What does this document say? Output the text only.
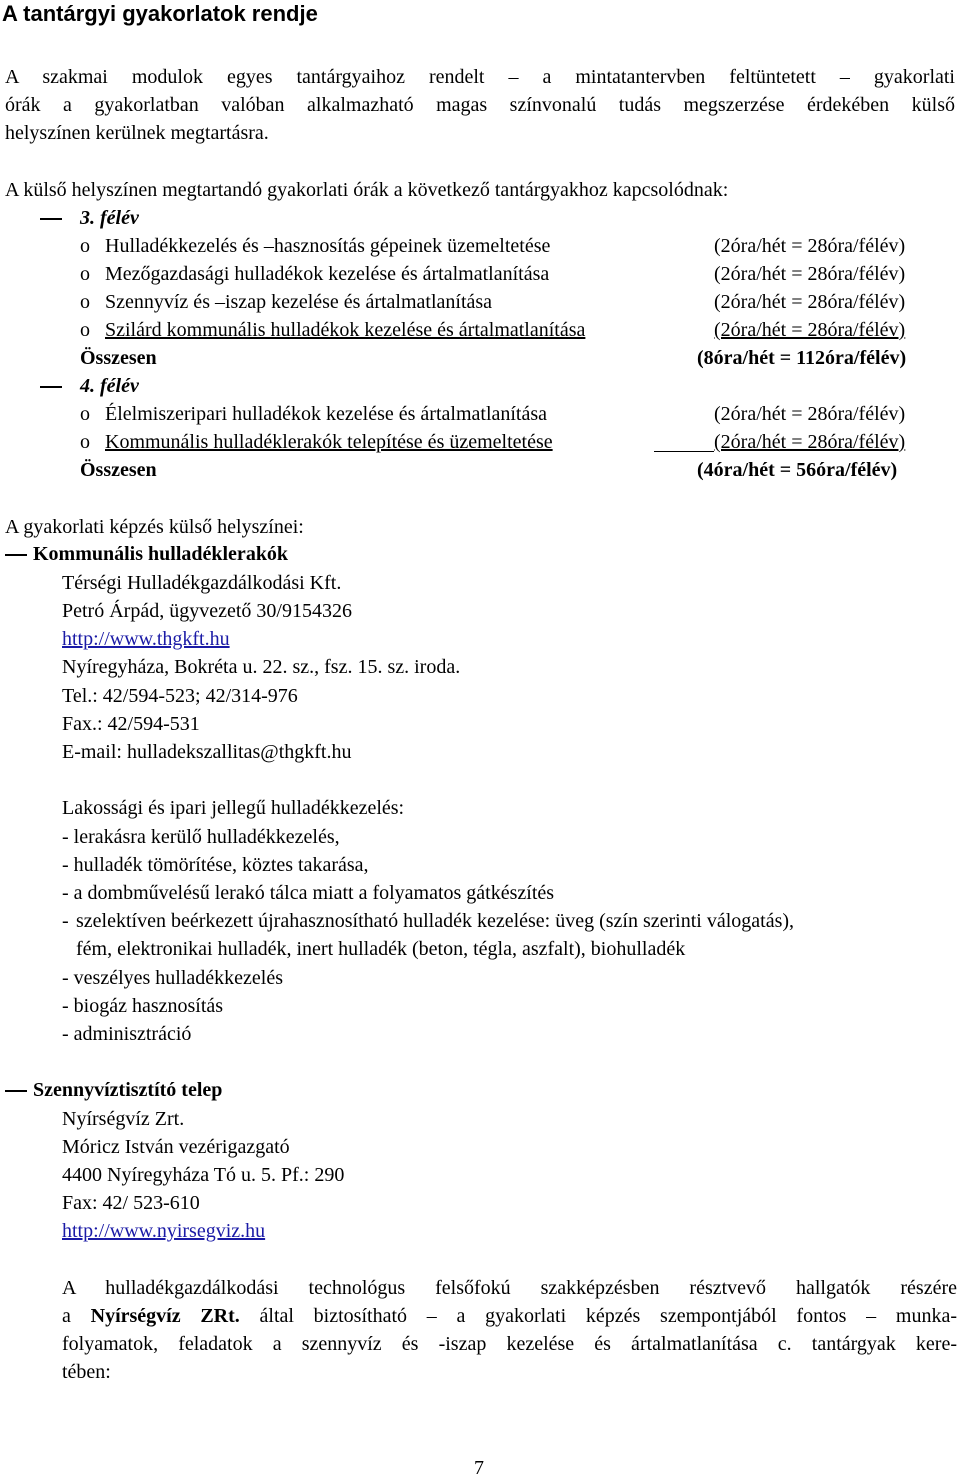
A tantárgyi gyakorlatok rendje
A szakmai modulok egyes tantárgyaihoz rendelt – a mintatantervben feltüntetett – gyakorlati
órák a gyakorlatban valóban alkalmazható magas színvonalú tudás megszerzése érdekében külső
helyszínen kerülnek megtartásra.
A külső helyszínen megtartandó gyakorlati órák a következő tantárgyakhoz kapcsolódnak:
3. félév
o Hulladékkezelés és –hasznosítás gépeinek üzemeltetése	(2óra/hét = 28óra/félév)
o Mezőgazdasági hulladékok kezelése és ártalmatlanítása	(2óra/hét = 28óra/félév)
o Szennyvíz és –iszap kezelése és ártalmatlanítása	(2óra/hét = 28óra/félév)
o Szilárd kommunális hulladékok kezelése és ártalmatlanítása	(2óra/hét = 28óra/félév)
Összesen	(8óra/hét = 112óra/félév)
4. félév
o Élelmiszeripari hulladékok kezelése és ártalmatlanítása	(2óra/hét = 28óra/félév)
o Kommunális hulladéklerakók telepítése és üzemeltetése	(2óra/hét = 28óra/félév)
Összesen	(4óra/hét = 56óra/félév)
A gyakorlati képzés külső helyszínei:
Kommunális hulladéklerakók
Térségi Hulladékgazdálkodási Kft.
Petró Árpád, ügyvezető 30/9154326
http://www.thgkft.hu
Nyíregyháza, Bokréta u. 22. sz., fsz. 15. sz. iroda.
Tel.: 42/594-523; 42/314-976
Fax.: 42/594-531
E-mail: hulladekszallitas@thgkft.hu
Lakossági és ipari jellegű hulladékkezelés:
- lerakásra kerülő hulladékkezelés,
- hulladék tömörítése, köztes takarása,
- a dombművelésű lerakó tálca miatt a folyamatos gátkészítés
- szelektíven beérkezett újrahasznosítható hulladék kezelése: üveg (szín szerinti válogatás),
fém, elektronikai hulladék, inert hulladék (beton, tégla, aszfalt), biohulladék
- veszélyes hulladékkezelés
- biogáz hasznosítás
- adminisztráció
Szennyvíztisztító telep
Nyírségvíz Zrt.
Móricz István vezérigazgató
4400 Nyíregyháza Tó u. 5. Pf.: 290
Fax: 42/ 523-610
http://www.nyirsegviz.hu
A hulladékgazdálkodási technológus felsőfokú szakképzésben résztvevő hallgatók részére
a Nyírségvíz ZRt. által biztosítható – a gyakorlati képzés szempontjából fontos – munka-
folyamatok, feladatok a szennyvíz és -iszap kezelése és ártalmatlanítása c. tantárgyak kere-
tében:
7
